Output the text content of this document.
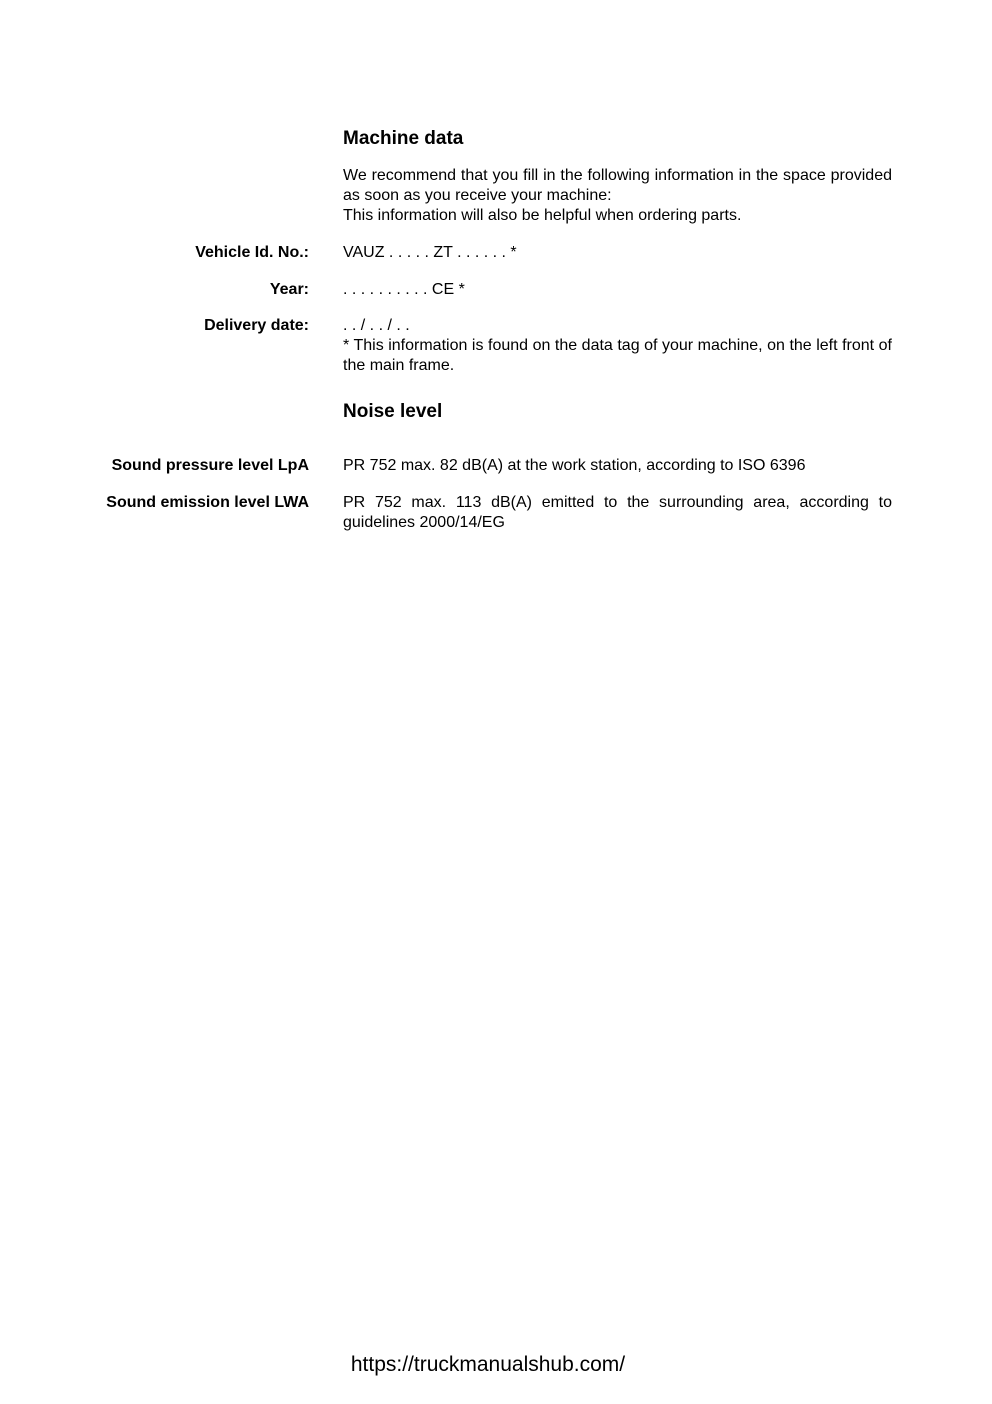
Machine data
We recommend that you fill in the following information in the space provided as soon as you receive your machine:
This information will also be helpful when ordering parts.
Vehicle Id. No.: VAUZ . . . . . ZT . . . . . . *
Year: . . . . . . . . . . CE *
Delivery date: . . / . . / . .
* This information is found on the data tag of your machine, on the left front of the main frame.
Noise level
Sound pressure level LpA PR 752 max. 82 dB(A) at the work station, according to ISO 6396
Sound emission level LWA PR 752 max. 113 dB(A) emitted to the surrounding area, according to guidelines 2000/14/EG
https://truckmanualshub.com/
